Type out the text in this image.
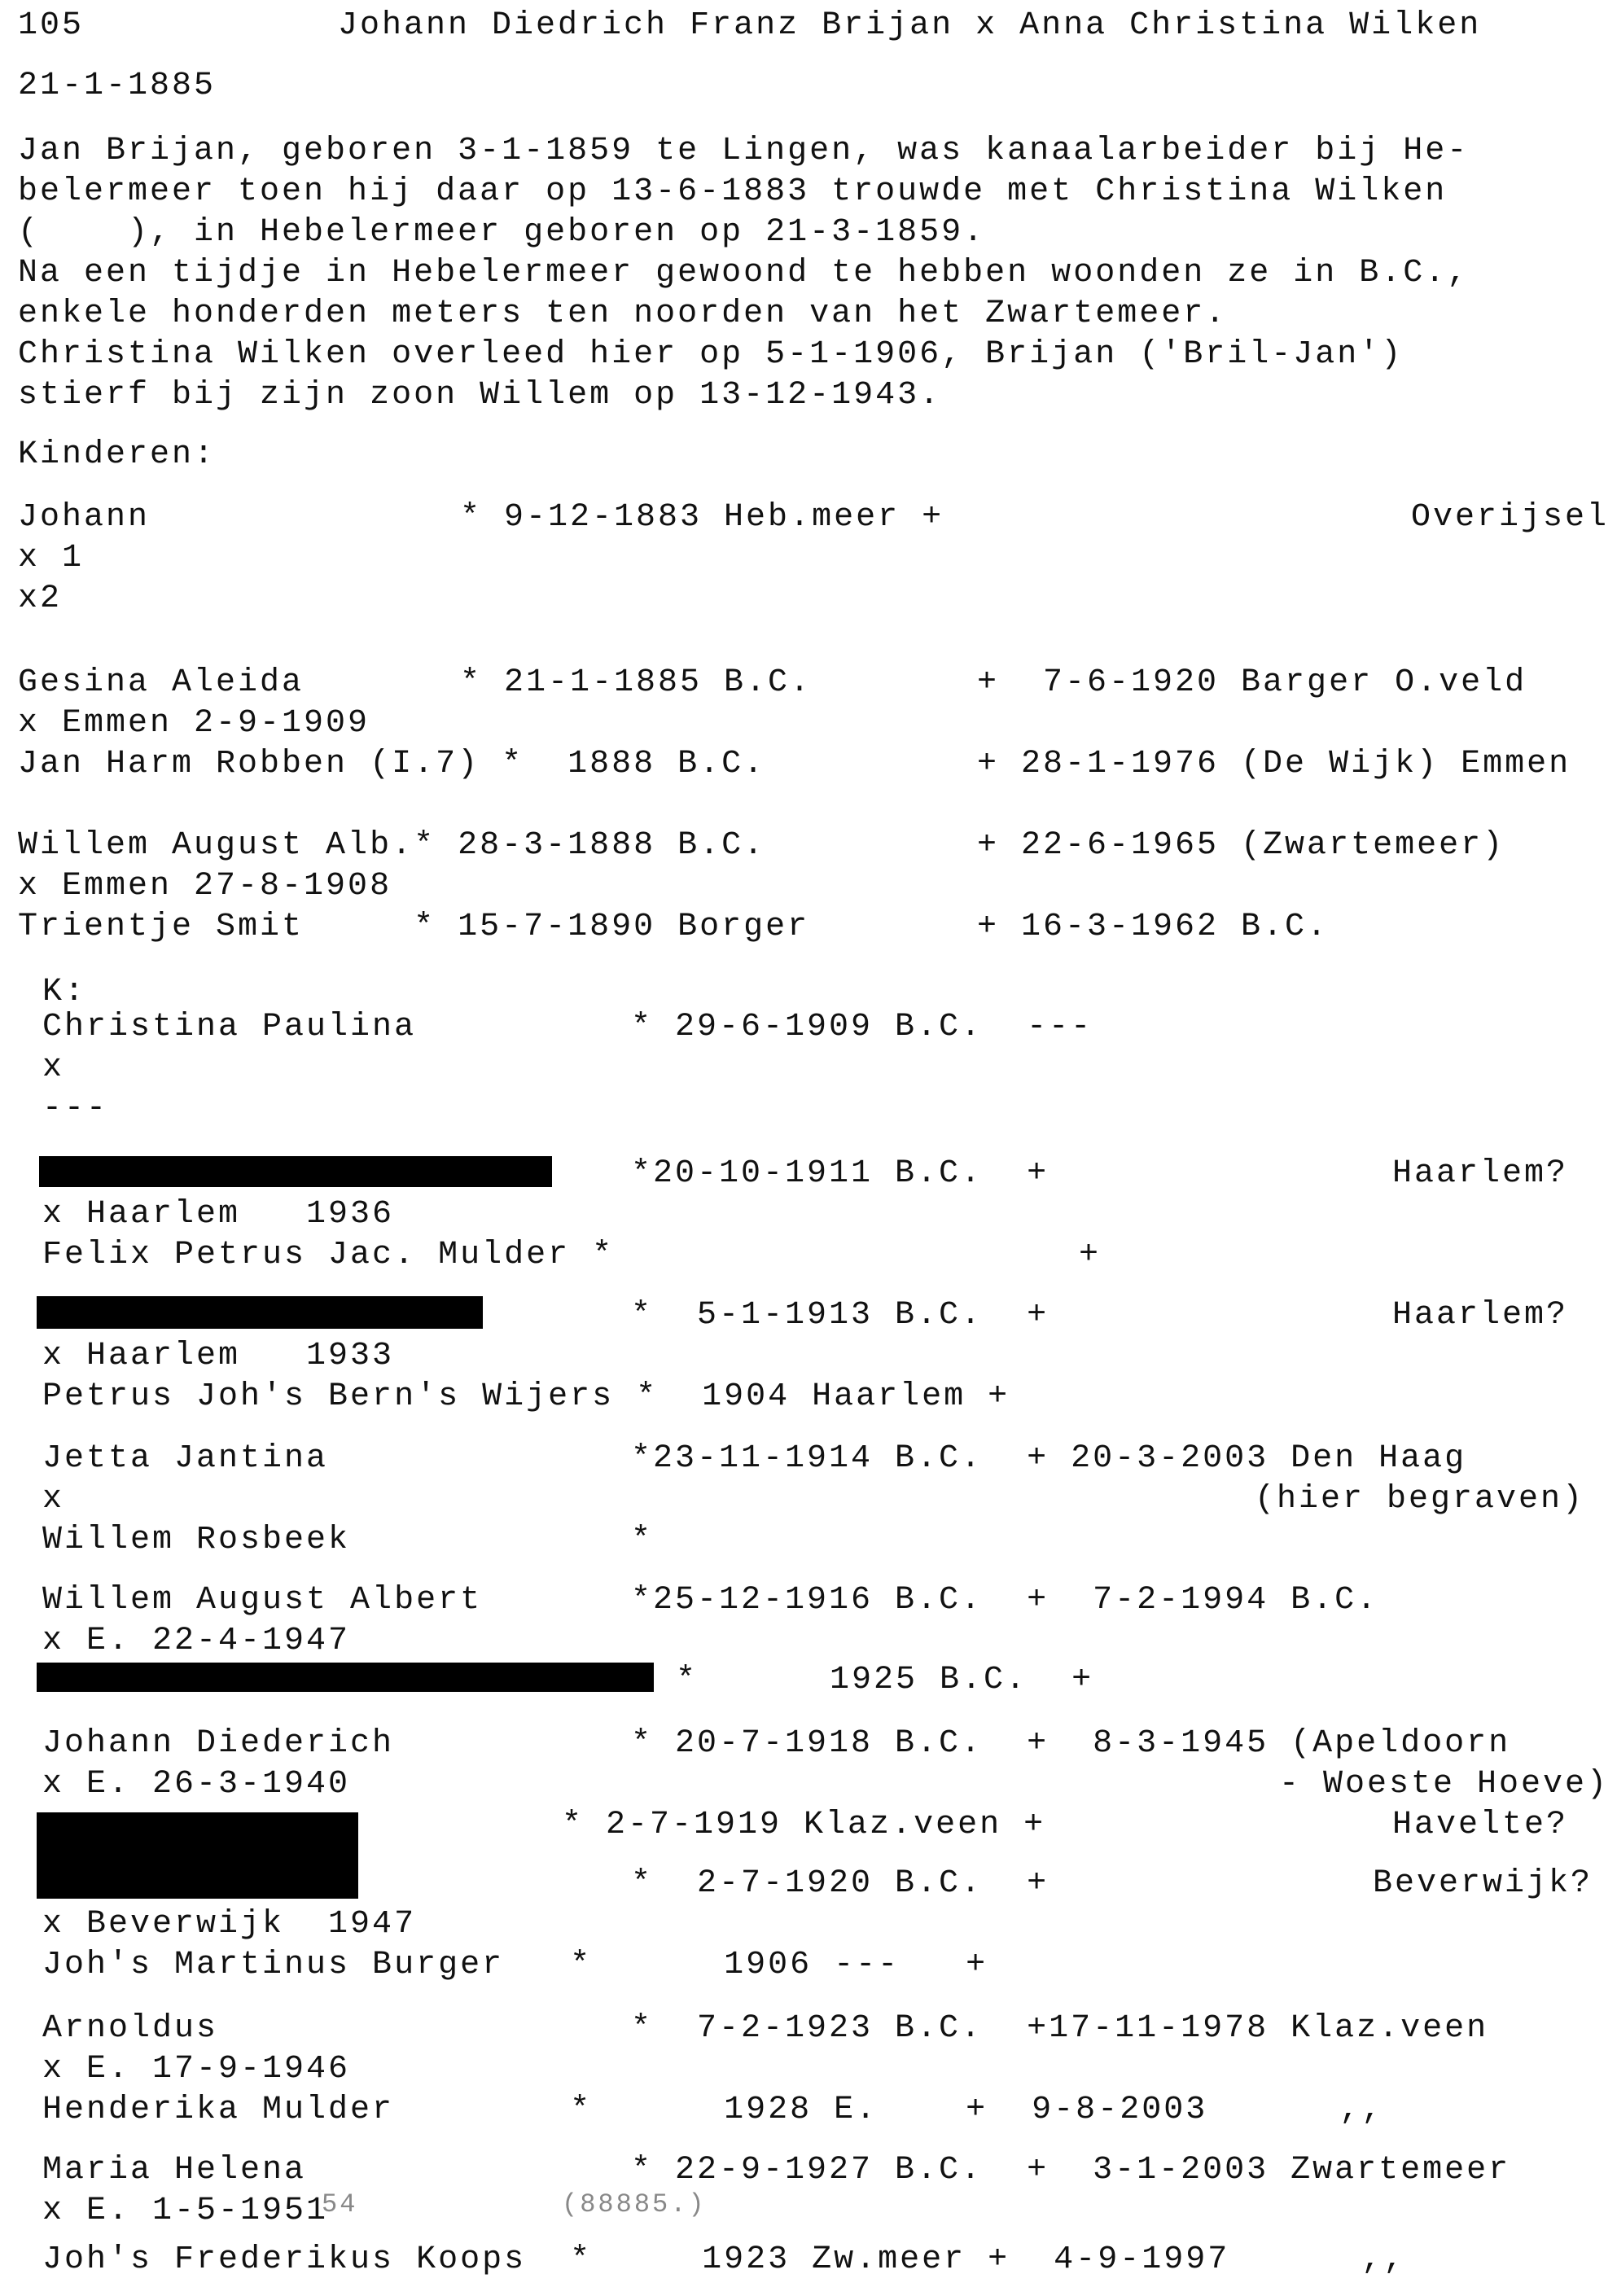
105	Johann Diedrich Franz Brijan x Anna Christina Wilken
21-1-1885
Jan Brijan, geboren 3-1-1859 te Lingen, was kanaalarbeider bij He-
belermeer toen hij daar op 13-6-1883 trouwde met Christina Wilken
(    ), in Hebelermeer geboren op 21-3-1859.
Na een tijdje in Hebelermeer gewoond te hebben woonden ze in B.C.,
enkele honderden meters ten noorden van het Zwartemeer.
Christina Wilken overleed hier op 5-1-1906, Brijan ('Bril-Jan')
stierf bij zijn zoon Willem op 13-12-1943.
Kinderen:
Johann	* 9-12-1883 Heb.meer +	Overijsel
x 1
x2
Gesina Aleida	* 21-1-1885 B.C.	+  7-6-1920 Barger O.veld
x Emmen 2-9-1909
Jan Harm Robben (I.7) *  1888 B.C.	+ 28-1-1976 (De Wijk) Emmen
Willem August Alb.* 28-3-1888 B.C.	+ 22-6-1965 (Zwartemeer)
x Emmen 27-8-1908
Trientje Smit     * 15-7-1890 Borger	+ 16-3-1962 B.C.
K:
Christina Paulina	* 29-6-1909 B.C.  ---
x
---
*20-10-1911 B.C.  +	Haarlem?
x Haarlem   1936
Felix Petrus Jac. Mulder *	+
*  5-1-1913 B.C.  +	Haarlem?
x Haarlem   1933
Petrus Joh's Bern's Wijers *  1904 Haarlem +
Jetta Jantina	*23-11-1914 B.C.  + 20-3-2003 Den Haag
(hier begraven)
x
Willem Rosbeek	*
Willem August Albert	*25-12-1916 B.C.  +  7-2-1994 B.C.
x E. 22-4-1947
*      1925 B.C.  +
Johann Diederich	* 20-7-1918 B.C.  +  8-3-1945 (Apeldoorn
- Woeste Hoeve)
x E. 26-3-1940
* 2-7-1919 Klaz.veen +	Havelte?
*  2-7-1920 B.C.  +	Beverwijk?
x Beverwijk  1947
Joh's Martinus Burger   *      1906 ---   +
Arnoldus	*  7-2-1923 B.C.  +17-11-1978 Klaz.veen
x E. 17-9-1946
Henderika Mulder        *      1928 E.    +  9-8-2003      ,,
Maria Helena	* 22-9-1927 B.C.  +  3-1-2003 Zwartemeer
x E. 1-5-1951
54	(88885.)
Joh's Frederikus Koops  *     1923 Zw.meer +  4-9-1997      ,,
